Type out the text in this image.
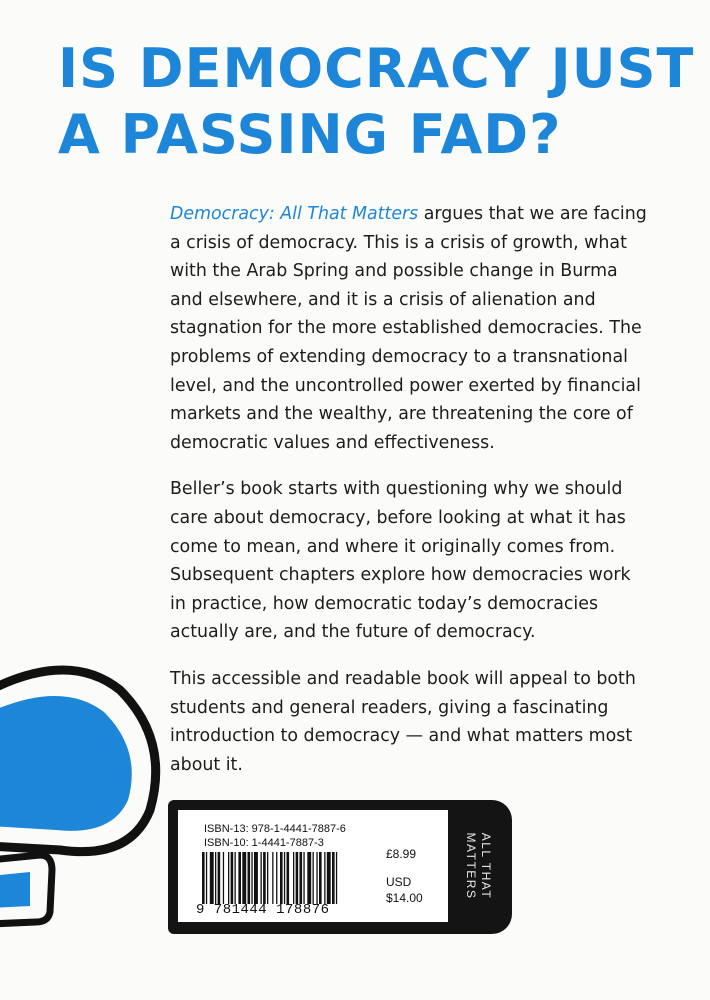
IS DEMOCRACY JUST
A PASSING FAD?

Democracy: All That Matters argues that we are facing a crisis of democracy. This is a crisis of growth, what with the Arab Spring and possible change in Burma and elsewhere, and it is a crisis of alienation and stagnation for the more established democracies. The problems of extending democracy to a transnational level, and the uncontrolled power exerted by financial markets and the wealthy, are threatening the core of democratic values and effectiveness.

Beller’s book starts with questioning why we should care about democracy, before looking at what it has come to mean, and where it originally comes from. Subsequent chapters explore how democracies work in practice, how democratic today’s democracies actually are, and the future of democracy.

This accessible and readable book will appeal to both students and general readers, giving a fascinating introduction to democracy — and what matters most about it.

ISBN-13: 978-1-4441-7887-6
ISBN-10: 1-4441-7887-3
9 781444 178876
£8.99
USD
$14.00	ALL THAT
MATTERS
